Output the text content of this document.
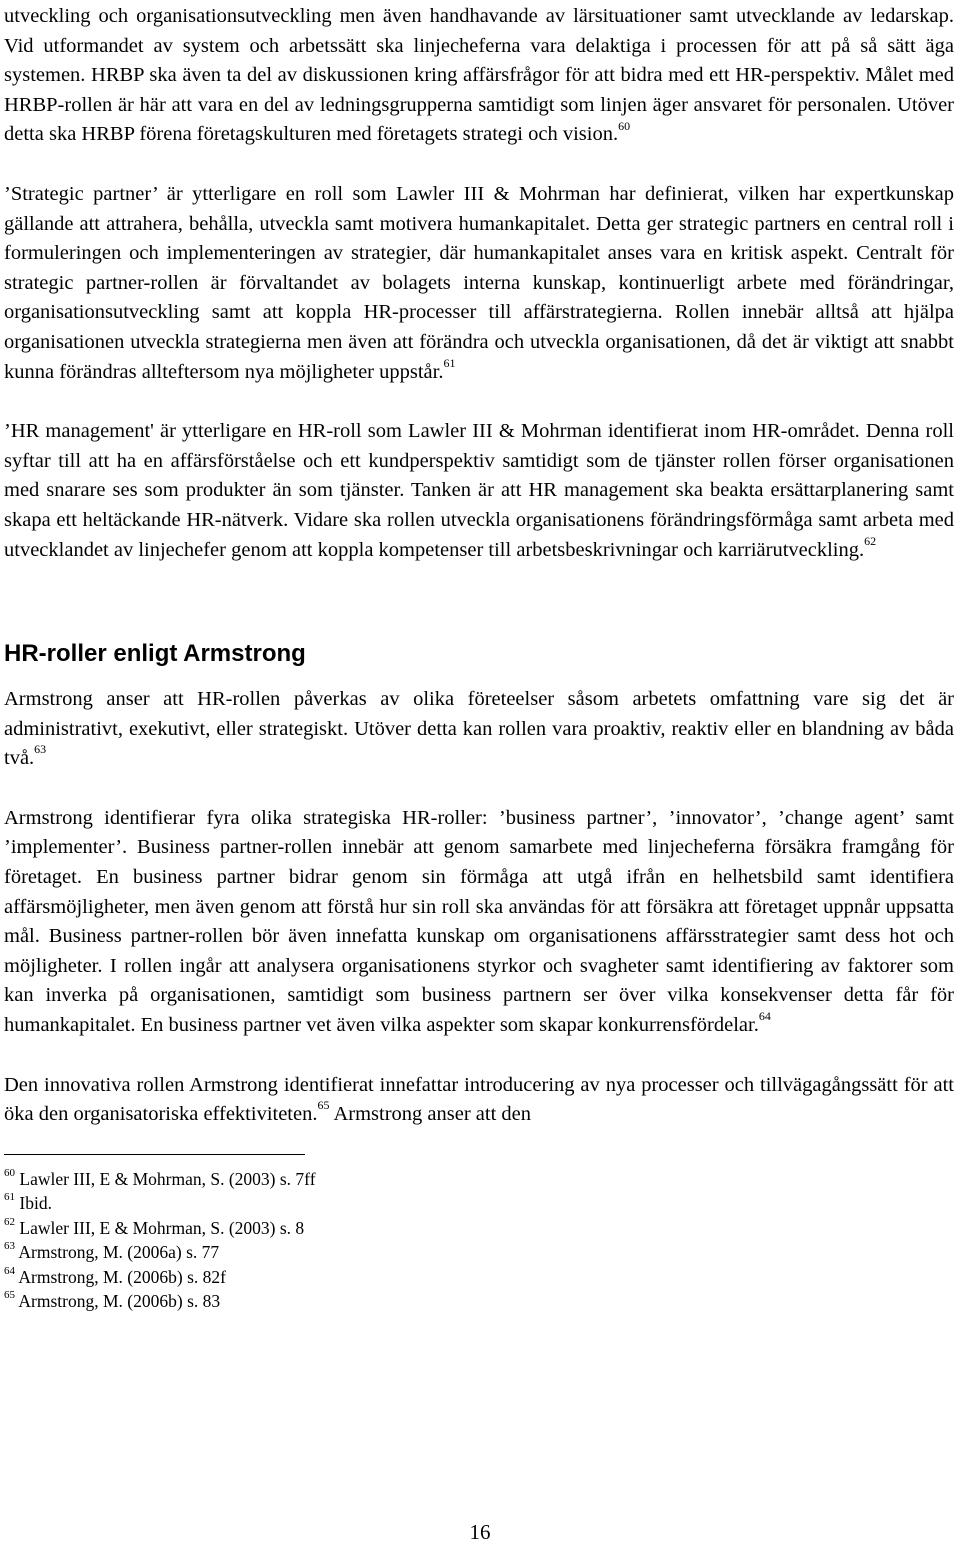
utveckling och organisationsutveckling men även handhavande av lärsituationer samt utvecklande av ledarskap. Vid utformandet av system och arbetssätt ska linjecheferna vara delaktiga i processen för att på så sätt äga systemen. HRBP ska även ta del av diskussionen kring affärsfrågor för att bidra med ett HR-perspektiv. Målet med HRBP-rollen är här att vara en del av ledningsgrupperna samtidigt som linjen äger ansvaret för personalen. Utöver detta ska HRBP förena företagskulturen med företagets strategi och vision.$^{60}$

’Strategic partner’ är ytterligare en roll som Lawler III & Mohrman har definierat, vilken har expertkunskap gällande att attrahera, behålla, utveckla samt motivera humankapitalet. Detta ger strategic partners en central roll i formuleringen och implementeringen av strategier, där humankapitalet anses vara en kritisk aspekt. Centralt för strategic partner-rollen är förvaltandet av bolagets interna kunskap, kontinuerligt arbete med förändringar, organisationsutveckling samt att koppla HR-processer till affärstrategierna. Rollen innebär alltså att hjälpa organisationen utveckla strategierna men även att förändra och utveckla organisationen, då det är viktigt att snabbt kunna förändras allteftersom nya möjligheter uppstår.$^{61}$

’HR management' är ytterligare en HR-roll som Lawler III & Mohrman identifierat inom HR-området. Denna roll syftar till att ha en affärsförståelse och ett kundperspektiv samtidigt som de tjänster rollen förser organisationen med snarare ses som produkter än som tjänster. Tanken är att HR management ska beakta ersättarplanering samt skapa ett heltäckande HR-nätverk. Vidare ska rollen utveckla organisationens förändringsförmåga samt arbeta med utvecklandet av linjechefer genom att koppla kompetenser till arbetsbeskrivningar och karriärutveckling.$^{62}$

HR-roller enligt Armstrong

Armstrong anser att HR-rollen påverkas av olika företeelser såsom arbetets omfattning vare sig det är administrativt, exekutivt, eller strategiskt. Utöver detta kan rollen vara proaktiv, reaktiv eller en blandning av båda två.$^{63}$

Armstrong identifierar fyra olika strategiska HR-roller: ’business partner’, ’innovator’, ’change agent’ samt ’implementer’. Business partner-rollen innebär att genom samarbete med linjecheferna försäkra framgång för företaget. En business partner bidrar genom sin förmåga att utgå ifrån en helhetsbild samt identifiera affärsmöjligheter, men även genom att förstå hur sin roll ska användas för att försäkra att företaget uppnår uppsatta mål. Business partner-rollen bör även innefatta kunskap om organisationens affärsstrategier samt dess hot och möjligheter. I rollen ingår att analysera organisationens styrkor och svagheter samt identifiering av faktorer som kan inverka på organisationen, samtidigt som business partnern ser över vilka konsekvenser detta får för humankapitalet. En business partner vet även vilka aspekter som skapar konkurrensfördelar.$^{64}$

Den innovativa rollen Armstrong identifierat innefattar introducering av nya processer och tillvägagångssätt för att öka den organisatoriska effektiviteten.$^{65}$ Armstrong anser att den

$^{60}$ Lawler III, E & Mohrman, S. (2003) s. 7ff
$^{61}$ Ibid.
$^{62}$ Lawler III, E & Mohrman, S. (2003) s. 8
$^{63}$ Armstrong, M. (2006a) s. 77
$^{64}$ Armstrong, M. (2006b) s. 82f
$^{65}$ Armstrong, M. (2006b) s. 83
16
